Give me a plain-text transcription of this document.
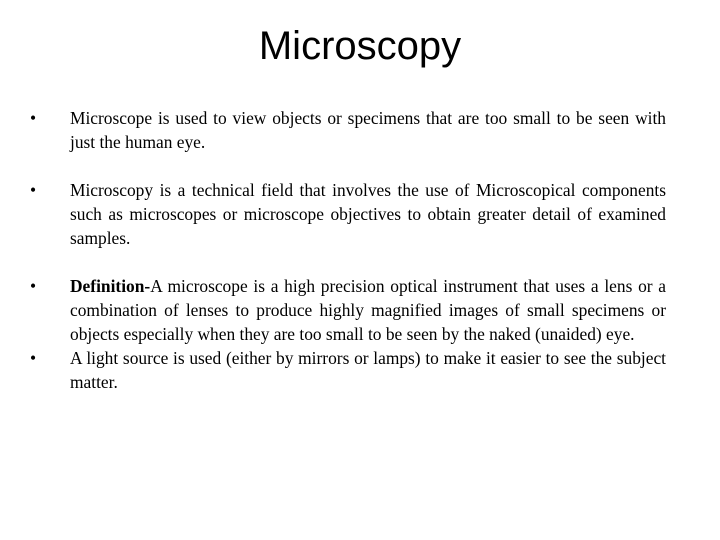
Microscopy
•	Microscope is used to view objects or specimens that are too small to be seen with just the human eye.
•	Microscopy is a technical field that involves the use of Microscopical components such as microscopes or microscope objectives to obtain greater detail of examined samples.
•	Definition-A microscope is a high precision optical instrument that uses a lens or a combination of lenses to produce highly magnified images of small specimens or objects especially when they are too small to be seen by the naked (unaided) eye.
•	A light source is used (either by mirrors or lamps) to make it easier to see the subject matter.
